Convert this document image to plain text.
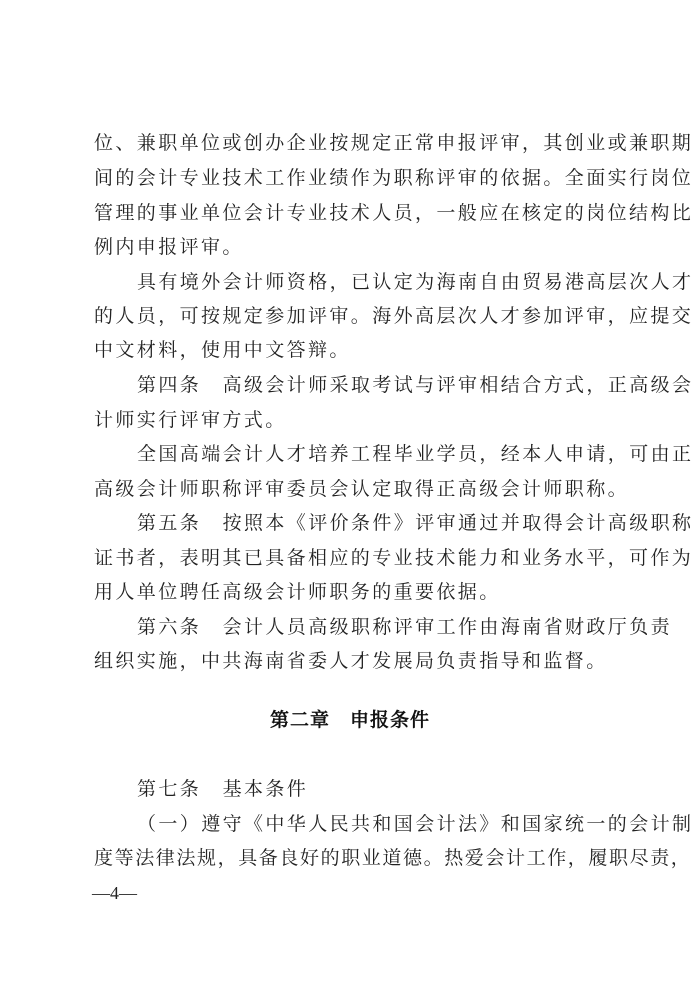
位、兼职单位或创办企业按规定正常申报评审，其创业或兼职期
间的会计专业技术工作业绩作为职称评审的依据。全面实行岗位
管理的事业单位会计专业技术人员，一般应在核定的岗位结构比
例内申报评审。
具有境外会计师资格，已认定为海南自由贸易港高层次人才
的人员，可按规定参加评审。海外高层次人才参加评审，应提交
中文材料，使用中文答辩。
第四条　高级会计师采取考试与评审相结合方式，正高级会
计师实行评审方式。
全国高端会计人才培养工程毕业学员，经本人申请，可由正
高级会计师职称评审委员会认定取得正高级会计师职称。
第五条　按照本《评价条件》评审通过并取得会计高级职称
证书者，表明其已具备相应的专业技术能力和业务水平，可作为
用人单位聘任高级会计师职务的重要依据。
第六条　会计人员高级职称评审工作由海南省财政厅负责
组织实施，中共海南省委人才发展局负责指导和监督。
第二章　申报条件
第七条　基本条件
（一）遵守《中华人民共和国会计法》和国家统一的会计制
度等法律法规，具备良好的职业道德。热爱会计工作，履职尽责，
—4—
